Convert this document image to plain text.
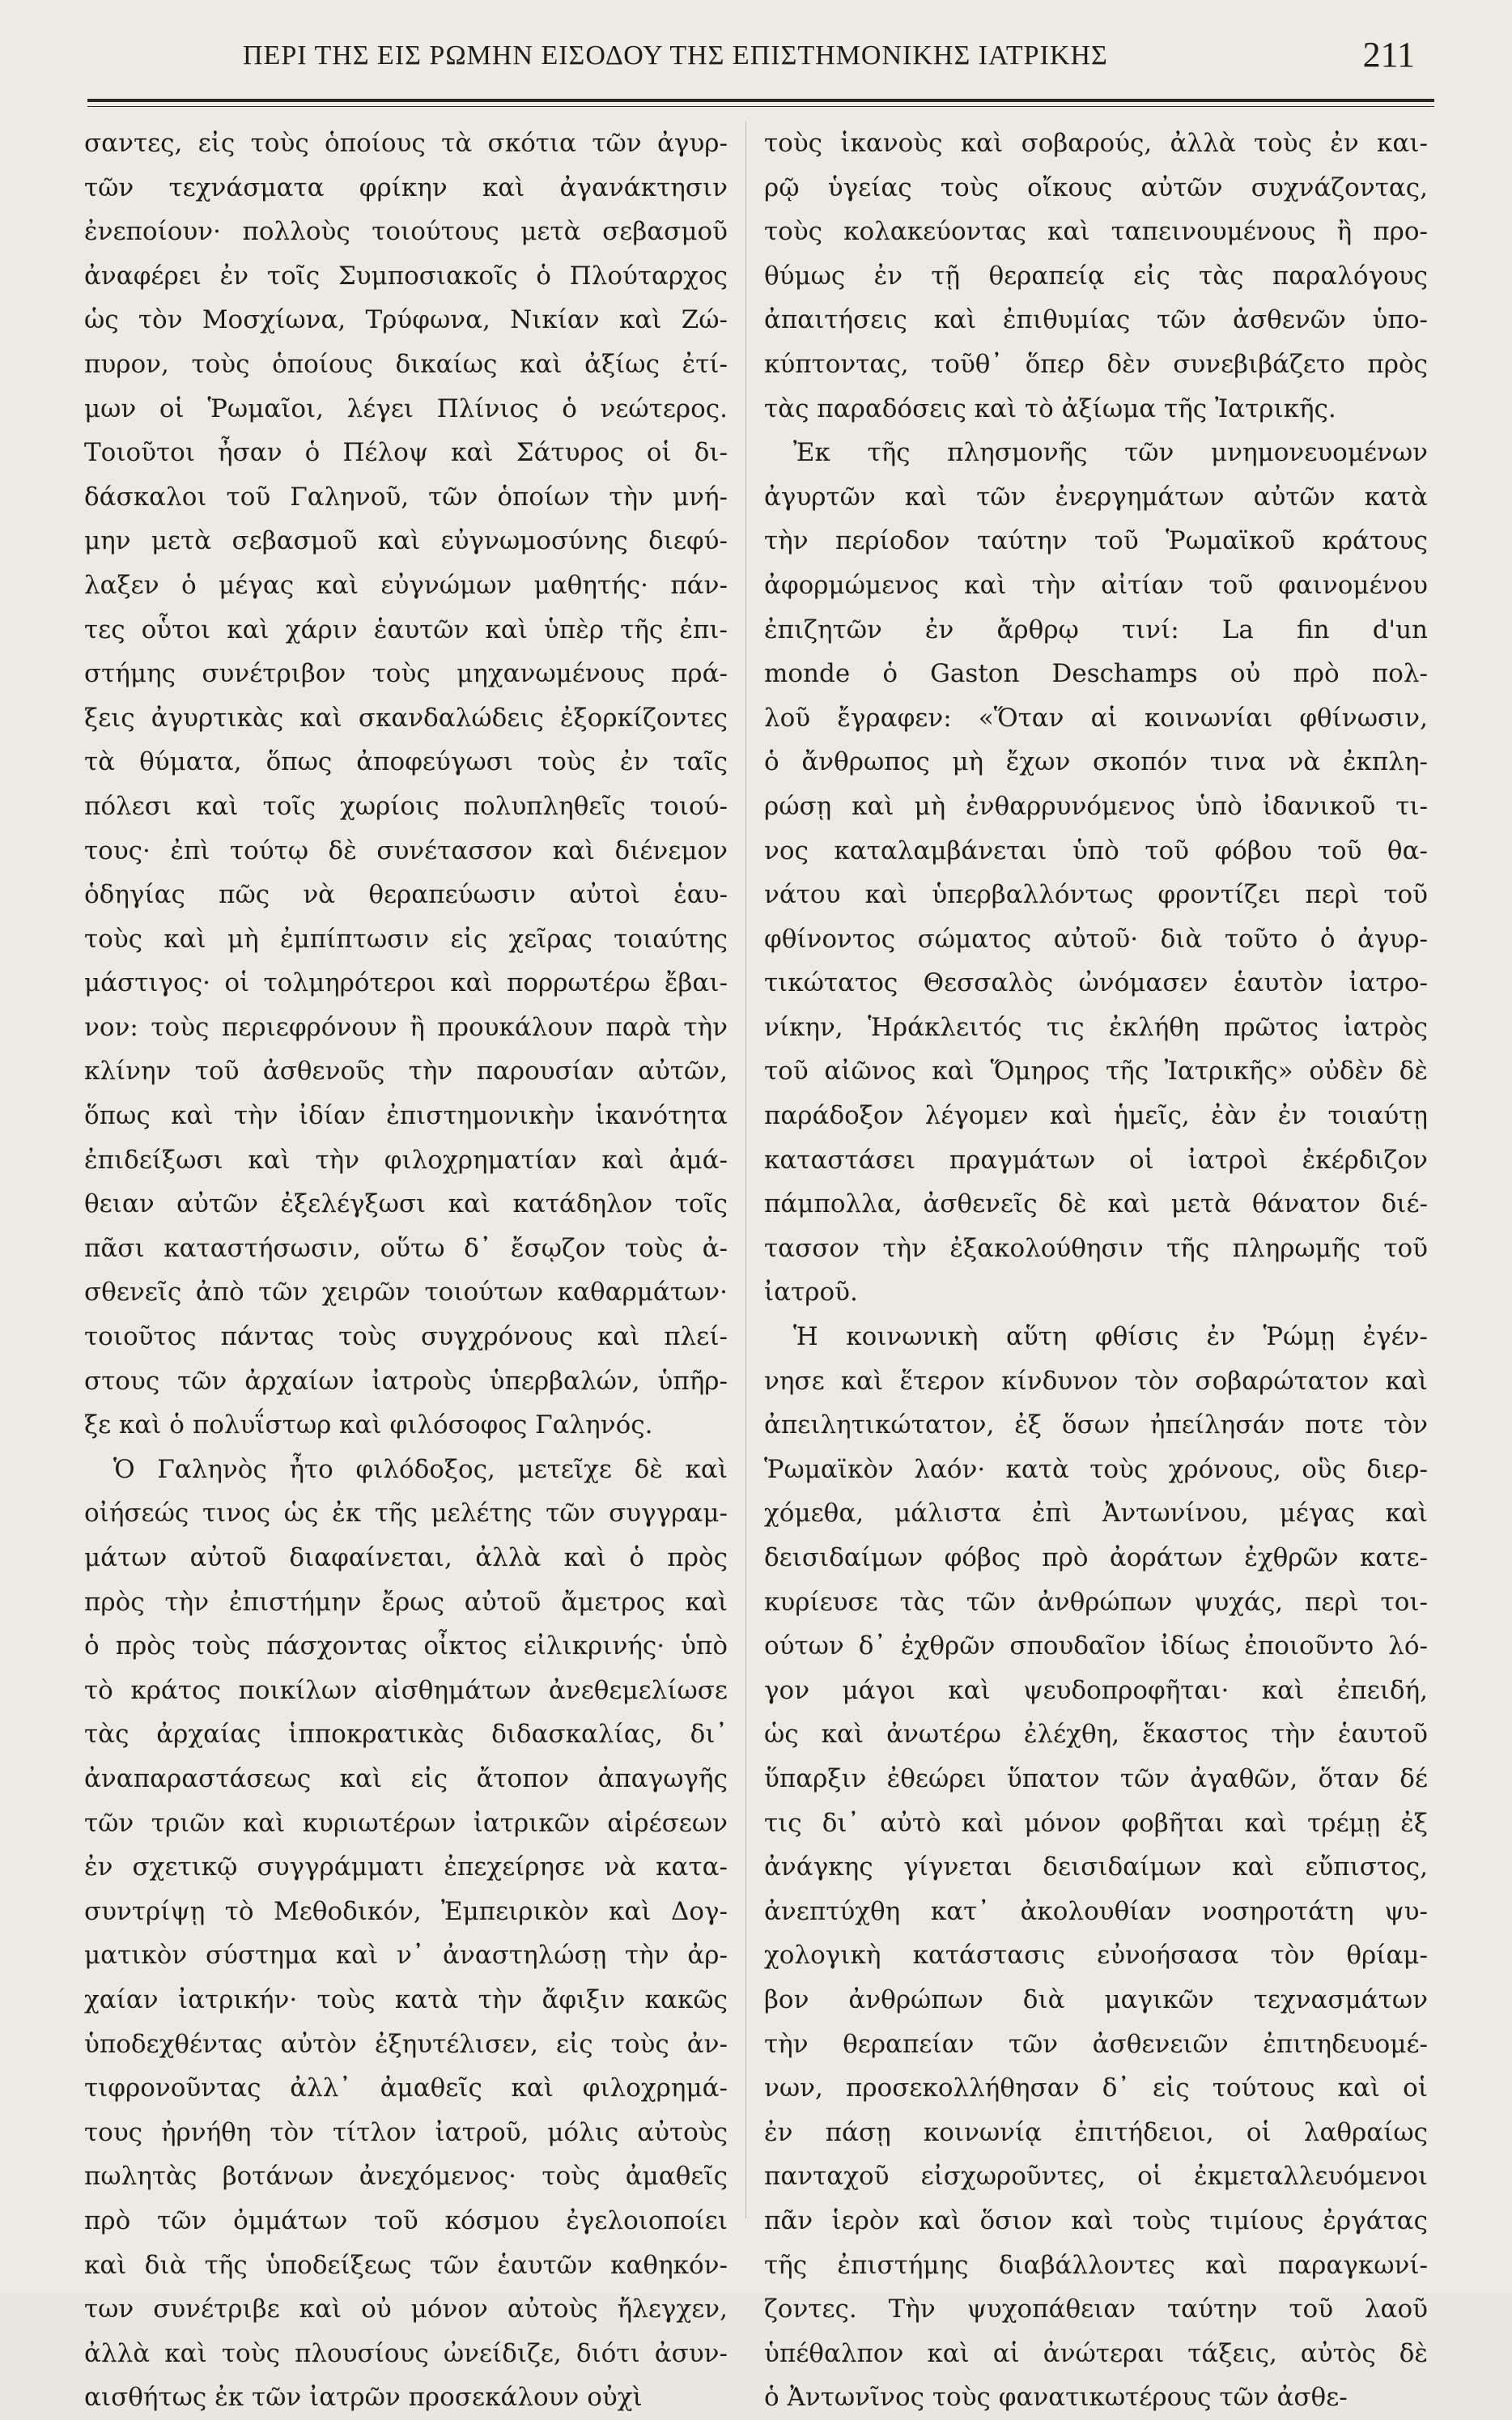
ΠΕΡΙ ΤΗΣ ΕΙΣ ΡΩΜΗΝ ΕΙΣΟΔΟΥ ΤΗΣ ΕΠΙΣΤΗΜΟΝΙΚΗΣ ΙΑΤΡΙΚΗΣ	211
σαντες, εἰς τοὺς ὁποίους τὰ σκότια τῶν ἀγυρ-
τῶν τεχνάσματα φρίκην καὶ ἀγανάκτησιν
ἐνεποίουν· πολλοὺς τοιούτους μετὰ σεβασμοῦ
ἀναφέρει ἐν τοῖς Συμποσιακοῖς ὁ Πλούταρχος
ὡς τὸν Μοσχίωνα, Τρύφωνα, Νικίαν καὶ Ζώ-
πυρον, τοὺς ὁποίους δικαίως καὶ ἀξίως ἐτί-
μων οἱ Ῥωμαῖοι, λέγει Πλίνιος ὁ νεώτερος.
Τοιοῦτοι ἦσαν ὁ Πέλοψ καὶ Σάτυρος οἱ δι-
δάσκαλοι τοῦ Γαληνοῦ, τῶν ὁποίων τὴν μνή-
μην μετὰ σεβασμοῦ καὶ εὐγνωμοσύνης διεφύ-
λαξεν ὁ μέγας καὶ εὐγνώμων μαθητής· πάν-
τες οὗτοι καὶ χάριν ἑαυτῶν καὶ ὑπὲρ τῆς ἐπι-
στήμης συνέτριβον τοὺς μηχανωμένους πρά-
ξεις ἀγυρτικὰς καὶ σκανδαλώδεις ἐξορκίζοντες
τὰ θύματα, ὅπως ἀποφεύγωσι τοὺς ἐν ταῖς
πόλεσι καὶ τοῖς χωρίοις πολυπληθεῖς τοιού-
τους· ἐπὶ τούτῳ δὲ συνέτασσον καὶ διένεμον
ὁδηγίας πῶς νὰ θεραπεύωσιν αὐτοὶ ἑαυ-
τοὺς καὶ μὴ ἐμπίπτωσιν εἰς χεῖρας τοιαύτης
μάστιγος· οἱ τολμηρότεροι καὶ πορρωτέρω ἔβαι-
νον: τοὺς περιεφρόνουν ἢ προυκάλουν παρὰ τὴν
κλίνην τοῦ ἀσθενοῦς τὴν παρουσίαν αὐτῶν,
ὅπως καὶ τὴν ἰδίαν ἐπιστημονικὴν ἱκανότητα
ἐπιδείξωσι καὶ τὴν φιλοχρηματίαν καὶ ἀμά-
θειαν αὐτῶν ἐξελέγξωσι καὶ κατάδηλον τοῖς
πᾶσι καταστήσωσιν, οὕτω δ᾽ ἔσῳζον τοὺς ἀ-
σθενεῖς ἀπὸ τῶν χειρῶν τοιούτων καθαρμάτων·
τοιοῦτος πάντας τοὺς συγχρόνους καὶ πλεί-
στους τῶν ἀρχαίων ἰατροὺς ὑπερβαλών, ὑπῆρ-
ξε καὶ ὁ πολυΐστωρ καὶ φιλόσοφος Γαληνός.
Ὁ Γαληνὸς ἦτο φιλόδοξος, μετεῖχε δὲ καὶ
οἰήσεώς τινος ὡς ἐκ τῆς μελέτης τῶν συγγραμ-
μάτων αὐτοῦ διαφαίνεται, ἀλλὰ καὶ ὁ πρὸς
πρὸς τὴν ἐπιστήμην ἔρως αὐτοῦ ἄμετρος καὶ
ὁ πρὸς τοὺς πάσχοντας οἶκτος εἰλικρινής· ὑπὸ
τὸ κράτος ποικίλων αἰσθημάτων ἀνεθεμελίωσε
τὰς ἀρχαίας ἱπποκρατικὰς διδασκαλίας, δι᾽
ἀναπαραστάσεως καὶ εἰς ἄτοπον ἀπαγωγῆς
τῶν τριῶν καὶ κυριωτέρων ἰατρικῶν αἱρέσεων
ἐν σχετικῷ συγγράμματι ἐπεχείρησε νὰ κατα-
συντρίψῃ τὸ Μεθοδικόν, Ἐμπειρικὸν καὶ Δογ-
ματικὸν σύστημα καὶ ν᾽ ἀναστηλώσῃ τὴν ἀρ-
χαίαν ἰατρικήν· τοὺς κατὰ τὴν ἄφιξιν κακῶς
ὑποδεχθέντας αὐτὸν ἐξηυτέλισεν, εἰς τοὺς ἀν-
τιφρονοῦντας ἀλλ᾽ ἀμαθεῖς καὶ φιλοχρημά-
τους ἠρνήθη τὸν τίτλον ἰατροῦ, μόλις αὐτοὺς
πωλητὰς βοτάνων ἀνεχόμενος· τοὺς ἀμαθεῖς
πρὸ τῶν ὀμμάτων τοῦ κόσμου ἐγελοιοποίει
καὶ διὰ τῆς ὑποδείξεως τῶν ἑαυτῶν καθηκόν-
των συνέτριβε καὶ οὐ μόνον αὐτοὺς ἤλεγχεν,
ἀλλὰ καὶ τοὺς πλουσίους ὠνείδιζε, διότι ἀσυν-
αισθήτως ἐκ τῶν ἰατρῶν προσεκάλουν οὐχὶ
τοὺς ἱκανοὺς καὶ σοβαρούς, ἀλλὰ τοὺς ἐν και-
ρῷ ὑγείας τοὺς οἴκους αὐτῶν συχνάζοντας,
τοὺς κολακεύοντας καὶ ταπεινουμένους ἢ προ-
θύμως ἐν τῇ θεραπείᾳ εἰς τὰς παραλόγους
ἀπαιτήσεις καὶ ἐπιθυμίας τῶν ἀσθενῶν ὑπο-
κύπτοντας, τοῦθ᾽ ὅπερ δὲν συνεβιβάζετο πρὸς
τὰς παραδόσεις καὶ τὸ ἀξίωμα τῆς Ἰατρικῆς.
Ἐκ τῆς πλησμονῆς τῶν μνημονευομένων
ἀγυρτῶν καὶ τῶν ἐνεργημάτων αὐτῶν κατὰ
τὴν περίοδον ταύτην τοῦ Ῥωμαϊκοῦ κράτους
ἀφορμώμενος καὶ τὴν αἰτίαν τοῦ φαινομένου
ἐπιζητῶν ἐν ἄρθρῳ τινί: La fin d'un
monde ὁ Gaston Deschamps οὐ πρὸ πολ-
λοῦ ἔγραφεν: «Ὅταν αἱ κοινωνίαι φθίνωσιν,
ὁ ἄνθρωπος μὴ ἔχων σκοπόν τινα νὰ ἐκπλη-
ρώσῃ καὶ μὴ ἐνθαρρυνόμενος ὑπὸ ἰδανικοῦ τι-
νος καταλαμβάνεται ὑπὸ τοῦ φόβου τοῦ θα-
νάτου καὶ ὑπερβαλλόντως φροντίζει περὶ τοῦ
φθίνοντος σώματος αὐτοῦ· διὰ τοῦτο ὁ ἀγυρ-
τικώτατος Θεσσαλὸς ὠνόμασεν ἑαυτὸν ἰατρο-
νίκην, Ἡράκλειτός τις ἐκλήθη πρῶτος ἰατρὸς
τοῦ αἰῶνος καὶ Ὅμηρος τῆς Ἰατρικῆς» οὐδὲν δὲ
παράδοξον λέγομεν καὶ ἡμεῖς, ἐὰν ἐν τοιαύτῃ
καταστάσει πραγμάτων οἱ ἰατροὶ ἐκέρδιζον
πάμπολλα, ἀσθενεῖς δὲ καὶ μετὰ θάνατον διέ-
τασσον τὴν ἐξακολούθησιν τῆς πληρωμῆς τοῦ
ἰατροῦ.
Ἡ κοινωνικὴ αὕτη φθίσις ἐν Ῥώμῃ ἐγέν-
νησε καὶ ἕτερον κίνδυνον τὸν σοβαρώτατον καὶ
ἀπειλητικώτατον, ἐξ ὅσων ἠπείλησάν ποτε τὸν
Ῥωμαϊκὸν λαόν· κατὰ τοὺς χρόνους, οὓς διερ-
χόμεθα, μάλιστα ἐπὶ Ἀντωνίνου, μέγας καὶ
δεισιδαίμων φόβος πρὸ ἀοράτων ἐχθρῶν κατε-
κυρίευσε τὰς τῶν ἀνθρώπων ψυχάς, περὶ τοι-
ούτων δ᾽ ἐχθρῶν σπουδαῖον ἰδίως ἐποιοῦντο λό-
γον μάγοι καὶ ψευδοπροφῆται· καὶ ἐπειδή,
ὡς καὶ ἀνωτέρω ἐλέχθη, ἕκαστος τὴν ἑαυτοῦ
ὕπαρξιν ἐθεώρει ὕπατον τῶν ἀγαθῶν, ὅταν δέ
τις δι᾽ αὐτὸ καὶ μόνον φοβῆται καὶ τρέμῃ ἐξ
ἀνάγκης γίγνεται δεισιδαίμων καὶ εὔπιστος,
ἀνεπτύχθη κατ᾽ ἀκολουθίαν νοσηροτάτη ψυ-
χολογικὴ κατάστασις εὐνοήσασα τὸν θρίαμ-
βον ἀνθρώπων διὰ μαγικῶν τεχνασμάτων
τὴν θεραπείαν τῶν ἀσθενειῶν ἐπιτηδευομέ-
νων, προσεκολλήθησαν δ᾽ εἰς τούτους καὶ οἱ
ἐν πάσῃ κοινωνίᾳ ἐπιτήδειοι, οἱ λαθραίως
πανταχοῦ εἰσχωροῦντες, οἱ ἐκμεταλλευόμενοι
πᾶν ἱερὸν καὶ ὅσιον καὶ τοὺς τιμίους ἐργάτας
τῆς ἐπιστήμης διαβάλλοντες καὶ παραγκωνί-
ζοντες. Τὴν ψυχοπάθειαν ταύτην τοῦ λαοῦ
ὑπέθαλπον καὶ αἱ ἀνώτεραι τάξεις, αὐτὸς δὲ
ὁ Ἀντωνῖνος τοὺς φανατικωτέρους τῶν ἀσθε-
